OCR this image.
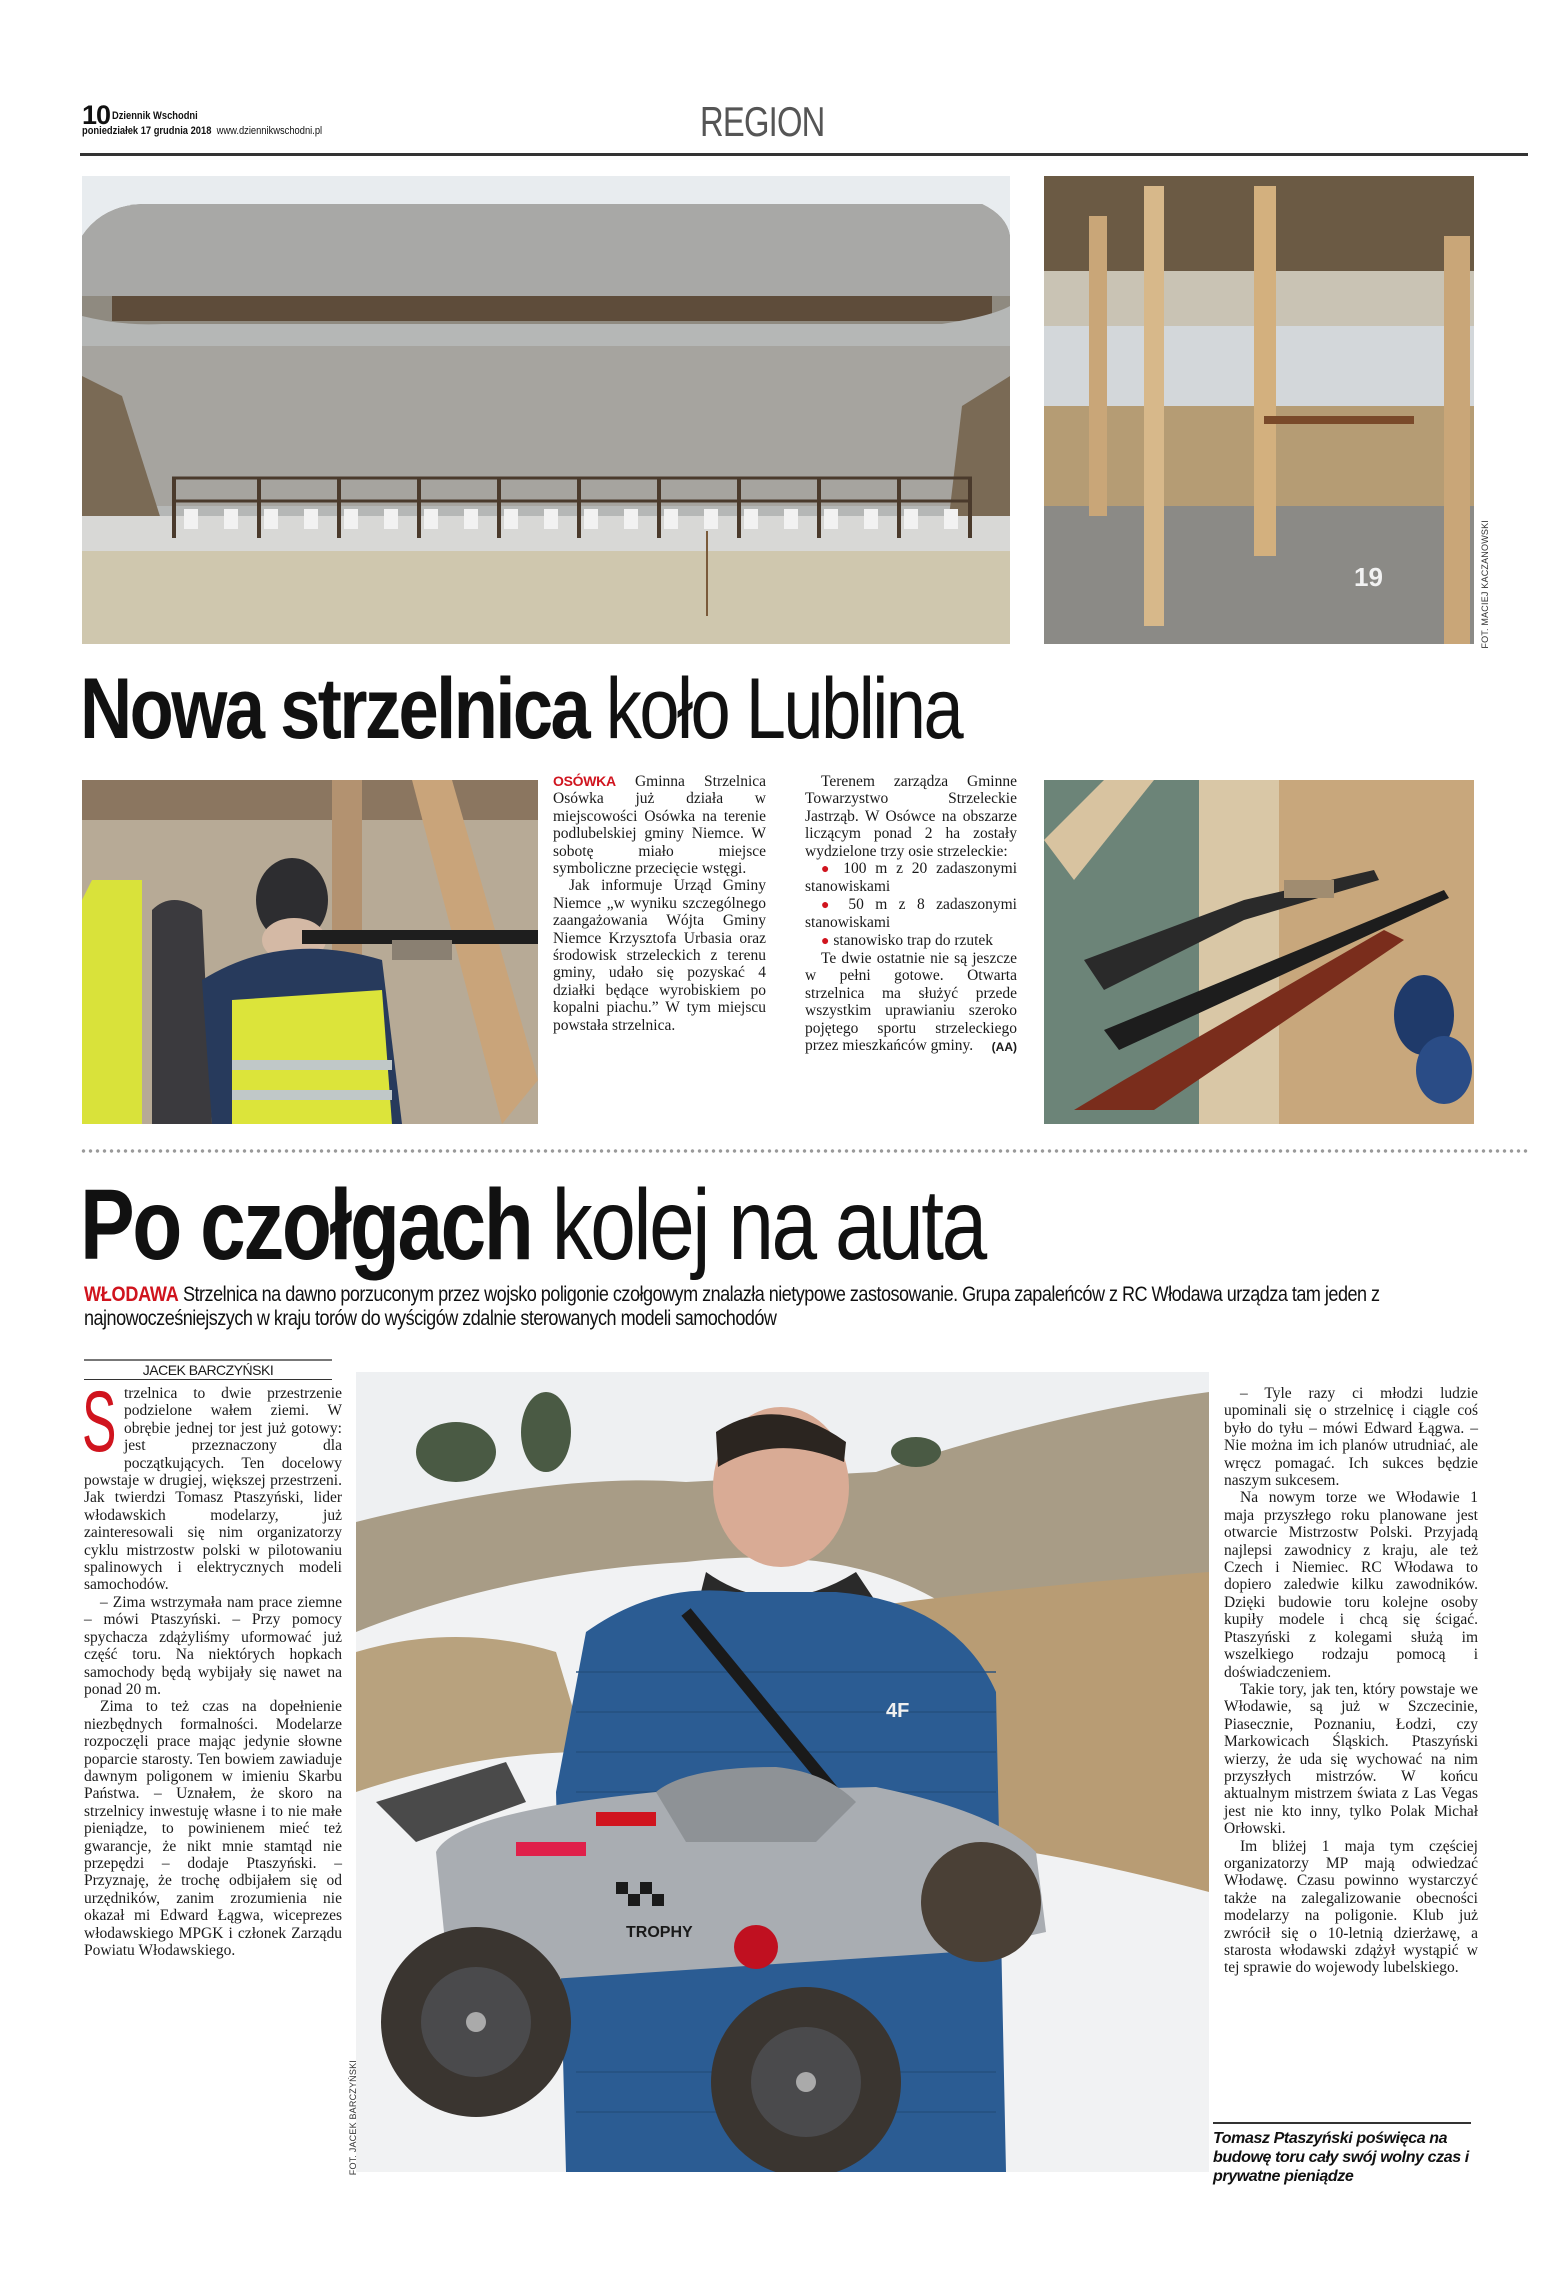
10 Dziennik Wschodni
poniedziałek 17 grudnia 2018 www.dziennikwschodni.pl	REGION
19	FOT. MACIEJ KACZANOWSKI
Nowa strzelnica koło Lublina

OSÓWKA Gminna Strzelnica Osówka już działa w miejscowości Osówka na terenie podlubelskiej gminy Niemce. W sobotę miało miejsce symboliczne przecięcie wstęgi.

Jak informuje Urząd Gminy Niemce „w wyniku szczególnego zaangażowania Wójta Gminy Niemce Krzysztofa Urbasia oraz środowisk strzeleckich z terenu gminy, udało się pozyskać 4 działki będące wyrobiskiem po kopalni piachu.” W tym miejscu powstała strzelnica.

Terenem zarządza Gminne Towarzystwo Strzeleckie Jastrząb. W Osówce na obszarze liczącym ponad 2 ha zostały wydzielone trzy osie strzeleckie:

● 100 m z 20 zadaszonymi stanowiskami

● 50 m z 8 zadaszonymi stanowiskami

● stanowisko trap do rzutek

Te dwie ostatnie nie są jeszcze w pełni gotowe. Otwarta strzelnica ma służyć przede wszystkim uprawianiu szeroko pojętego sportu strzeleckiego przez mieszkańców gminy.	(AA)

Po czołgach kolej na auta
WŁODAWA Strzelnica na dawno porzuconym przez wojsko poligonie czołgowym znalazła nietypowe zastosowanie. Grupa zapaleńców z RC Włodawa urządza tam jeden z najnowocześniejszych w kraju torów do wyścigów zdalnie sterowanych modeli samochodów
JACEK BARCZYŃSKI

Strzelnica to dwie przestrzenie podzielone wałem ziemi. W obrębie jednej tor jest już gotowy: jest przeznaczony dla początkujących. Ten docelowy powstaje w drugiej, większej przestrzeni. Jak twierdzi Tomasz Ptaszyński, lider włodawskich modelarzy, już zainteresowali się nim organizatorzy cyklu mistrzostw polski w pilotowaniu spalinowych i elektrycznych modeli samochodów.

– Zima wstrzymała nam prace ziemne – mówi Ptaszyński. – Przy pomocy spychacza zdążyliśmy uformować już część toru. Na niektórych hopkach samochody będą wybijały się nawet na ponad 20 m.

Zima to też czas na dopełnienie niezbędnych formalności. Modelarze rozpoczęli prace mając jedynie słowne poparcie starosty. Ten bowiem zawiaduje dawnym poligonem w imieniu Skarbu Państwa. – Uznałem, że skoro na strzelnicy inwestuję własne i to nie małe pieniądze, to powinienem mieć też gwarancje, że nikt mnie stamtąd nie przepędzi – dodaje Ptaszyński. – Przyznaję, że trochę odbijałem się od urzędników, zanim zrozumienia nie okazał mi Edward Łągwa, wiceprezes włodawskiego MPGK i członek Zarządu Powiatu Włodawskiego.

4F
TROPHY
FOT. JACEK BARCZYŃSKI

– Tyle razy ci młodzi ludzie upominali się o strzelnicę i ciągle coś było do tyłu – mówi Edward Łągwa. – Nie można im ich planów utrudniać, ale wręcz pomagać. Ich sukces będzie naszym sukcesem.

Na nowym torze we Włodawie 1 maja przyszłego roku planowane jest otwarcie Mistrzostw Polski. Przyjadą najlepsi zawodnicy z kraju, ale też Czech i Niemiec. RC Włodawa to dopiero zaledwie kilku zawodników. Dzięki budowie toru kolejne osoby kupiły modele i chcą się ścigać. Ptaszyński z kolegami służą im wszelkiego rodzaju pomocą i doświadczeniem.

Takie tory, jak ten, który powstaje we Włodawie, są już w Szczecinie, Piasecznie, Poznaniu, Łodzi, czy Markowicach Śląskich. Ptaszyński wierzy, że uda się wychować na nim przyszłych mistrzów. W końcu aktualnym mistrzem świata z Las Vegas jest nie kto inny, tylko Polak Michał Orłowski.

Im bliżej 1 maja tym częściej organizatorzy MP mają odwiedzać Włodawę. Czasu powinno wystarczyć także na zalegalizowanie obecności modelarzy na poligonie. Klub już zwrócił się o 10-letnią dzierżawę, a starosta włodawski zdążył wystąpić w tej sprawie do wojewody lubelskiego.

Tomasz Ptaszyński poświęca na budowę toru cały swój wolny czas i prywatne pieniądze
